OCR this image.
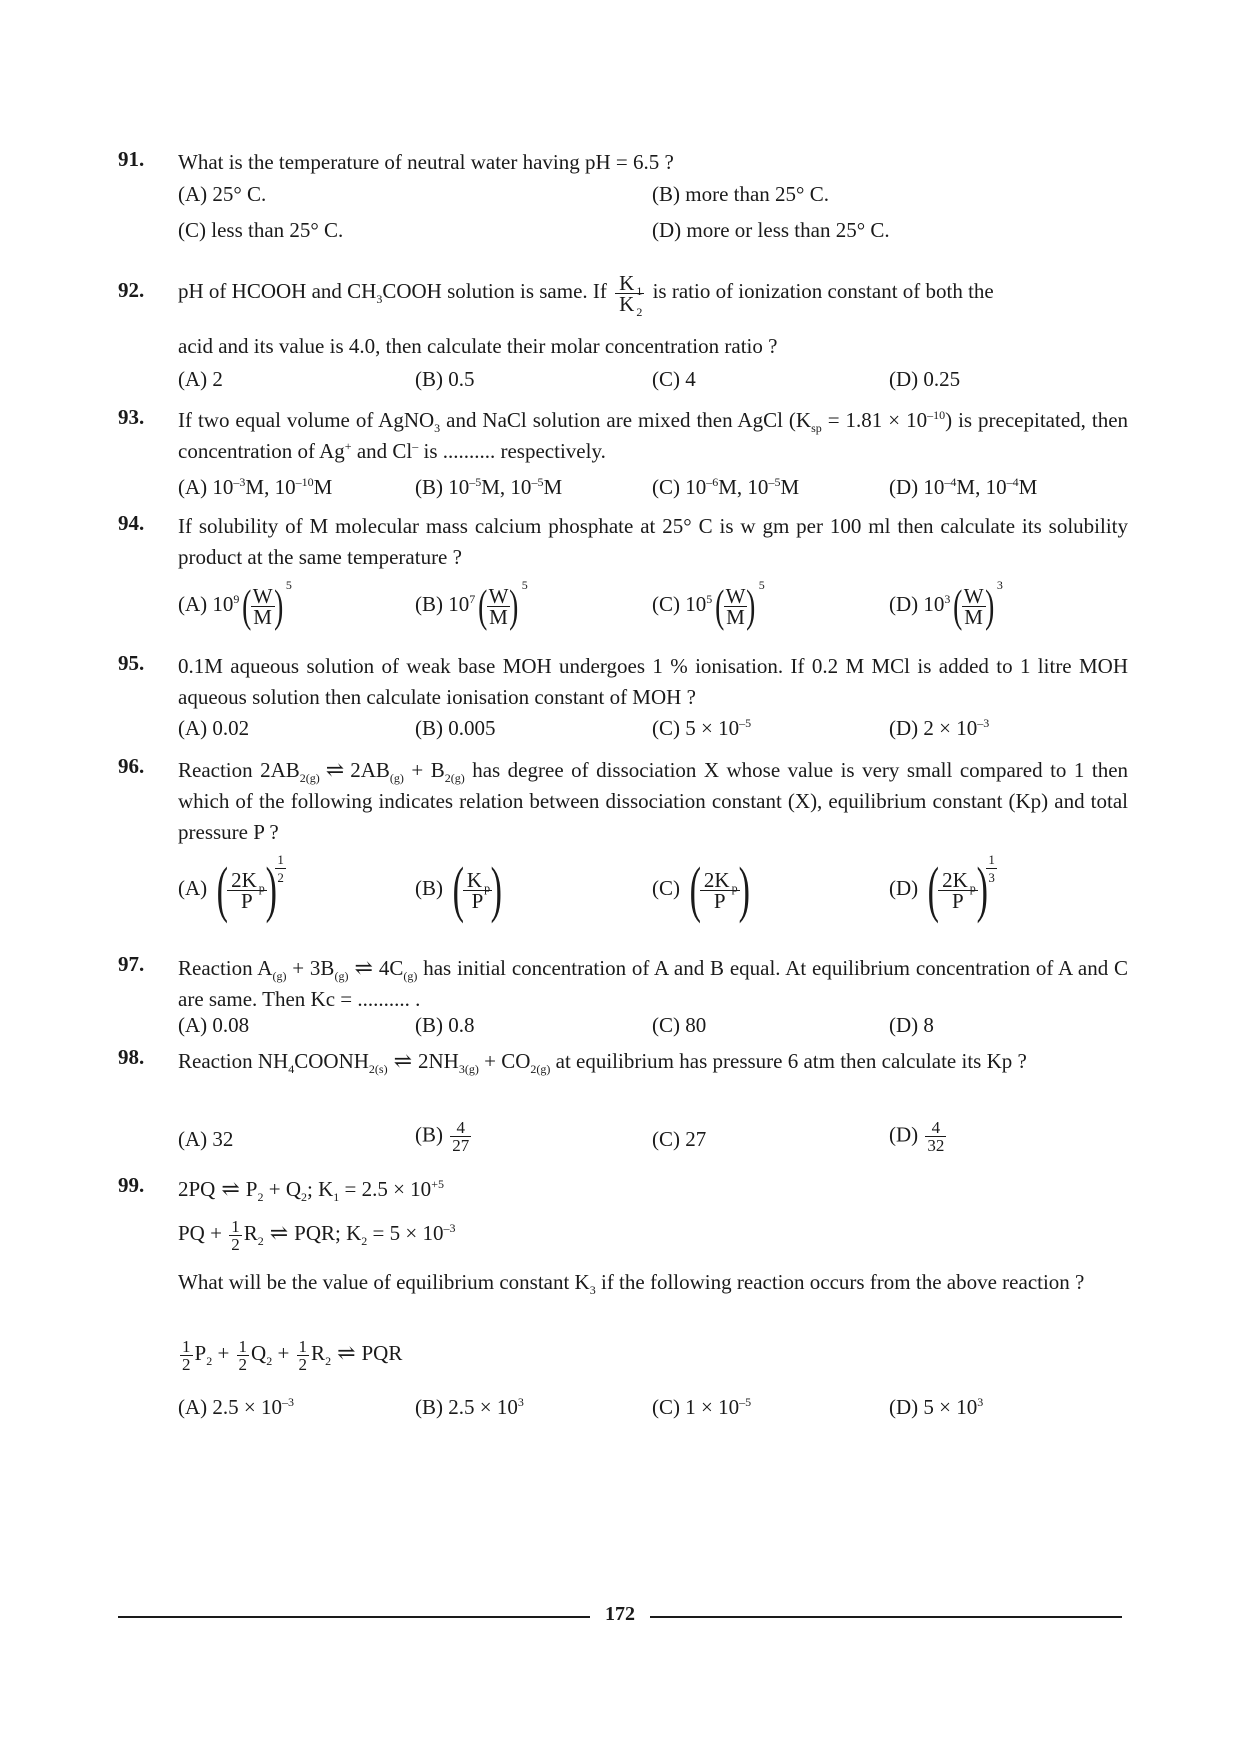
91. What is the temperature of neutral water having pH = 6.5 ?
(A) 25° C.	(B) more than 25° C.
(C) less than 25° C.	(D) more or less than 25° C.
92. pH of HCOOH and $CH_3COOH$ solution is same. If $\frac{K _1}{K _2}$ is ratio of ionization constant of both the
acid and its value is 4.0, then calculate their molar concentration ratio ?
(A) 2	(B) 0.5	(C) 4	(D) 0.25
93. If two equal volume of AgNO$_3$ and NaCl solution are mixed then AgCl $(K_{sp} = 1.81 \times 10^{-10})$ is precepitated, then concentration of Ag+ and Cl– is .......... respectively.
(A) $10^{-3}M$, $10^{-10}M$	(B) $10^{-5}M$, $10^{-5}M$	(C) $10^{-6}M$, $10^{-5}M$	(D) $10^{-4}M$, $10^{-4}M$
94. If solubility of M molecular mass calcium phosphate at 25° C is w gm per 100 ml then calculate its solubility product at the same temperature ?
(A) $10^9( \frac{W}{M}$ ) $^5$
(B) $10^7( \frac{W}{M}$ ) $^5$
(C) $10^5( \frac{W}{M}$ ) $^5$
(D) $10^3( \frac{W}{M}$ ) $^3$
95. 0.1M aqueous solution of weak base MOH undergoes 1 % ionisation. If 0.2 M MCl is added to 1 litre MOH aqueous solution then calculate ionisation constant of MOH ?
(A) 0.02	(B) 0.005	(C) $5 \times 10^{-5}$	(D) $2 \times 10^{-3}$
96. Reaction $2AB_{2(g)}$ ⇌ $2AB_{(g)} + B_{2(g)}$ has degree of dissociation X whose value is very small compared to 1 then which of the following indicates relation between dissociation constant (X), equilibrium constant (Kp) and total pressure P ?
(A) (
$\frac{2K _p}{P}$
)
$\frac{1}{2}$
(B) (
$\frac{K _p}{P}$
)	(C) (
$\frac{2K _p}{P}$
)	(D) (
$\frac{2K _p}{P}$
)
$\frac{1}{3}$
97. Reaction $A_{(g)} + 3B_{(g)}$ ⇌ $4C_{(g)}$ has initial concentration of A and B equal. At equilibrium concentration of A and C are same. Then Kc = .......... .
(A) 0.08	(B) 0.8	(C) 80	(D) 8
98. Reaction $NH_4COONH_{2(s)}$ ⇌ $2NH_{3(g)} + CO_{2(g)}$ at equilibrium has pressure 6 atm then calculate its Kp ?
(A) 32	$(B) \frac{4}{27}$	(C) 27	$(D) \frac{4}{32}$
99. 2PQ ⇌ $P_2 + Q_2$; $K_1 = 2.5 \times 10^{+5}$
PQ + $\frac{1}{2} R_2$ ⇌ PQR; $K_2 = 5 \times 10^{-3}$
What will be the value of equilibrium constant $K_3$ if the following reaction occurs from the above reaction ?
$\frac{1}{2} P_2 + \frac{1}{2} Q_2 + \frac{1}{2} R_2$ ⇌ PQR
(A) $2.5 \times 10^{-3}$	(B) $2.5 \times 10^3$	(C) $1 \times 10^{-5}$	(D) $5 \times 10^3$
172
